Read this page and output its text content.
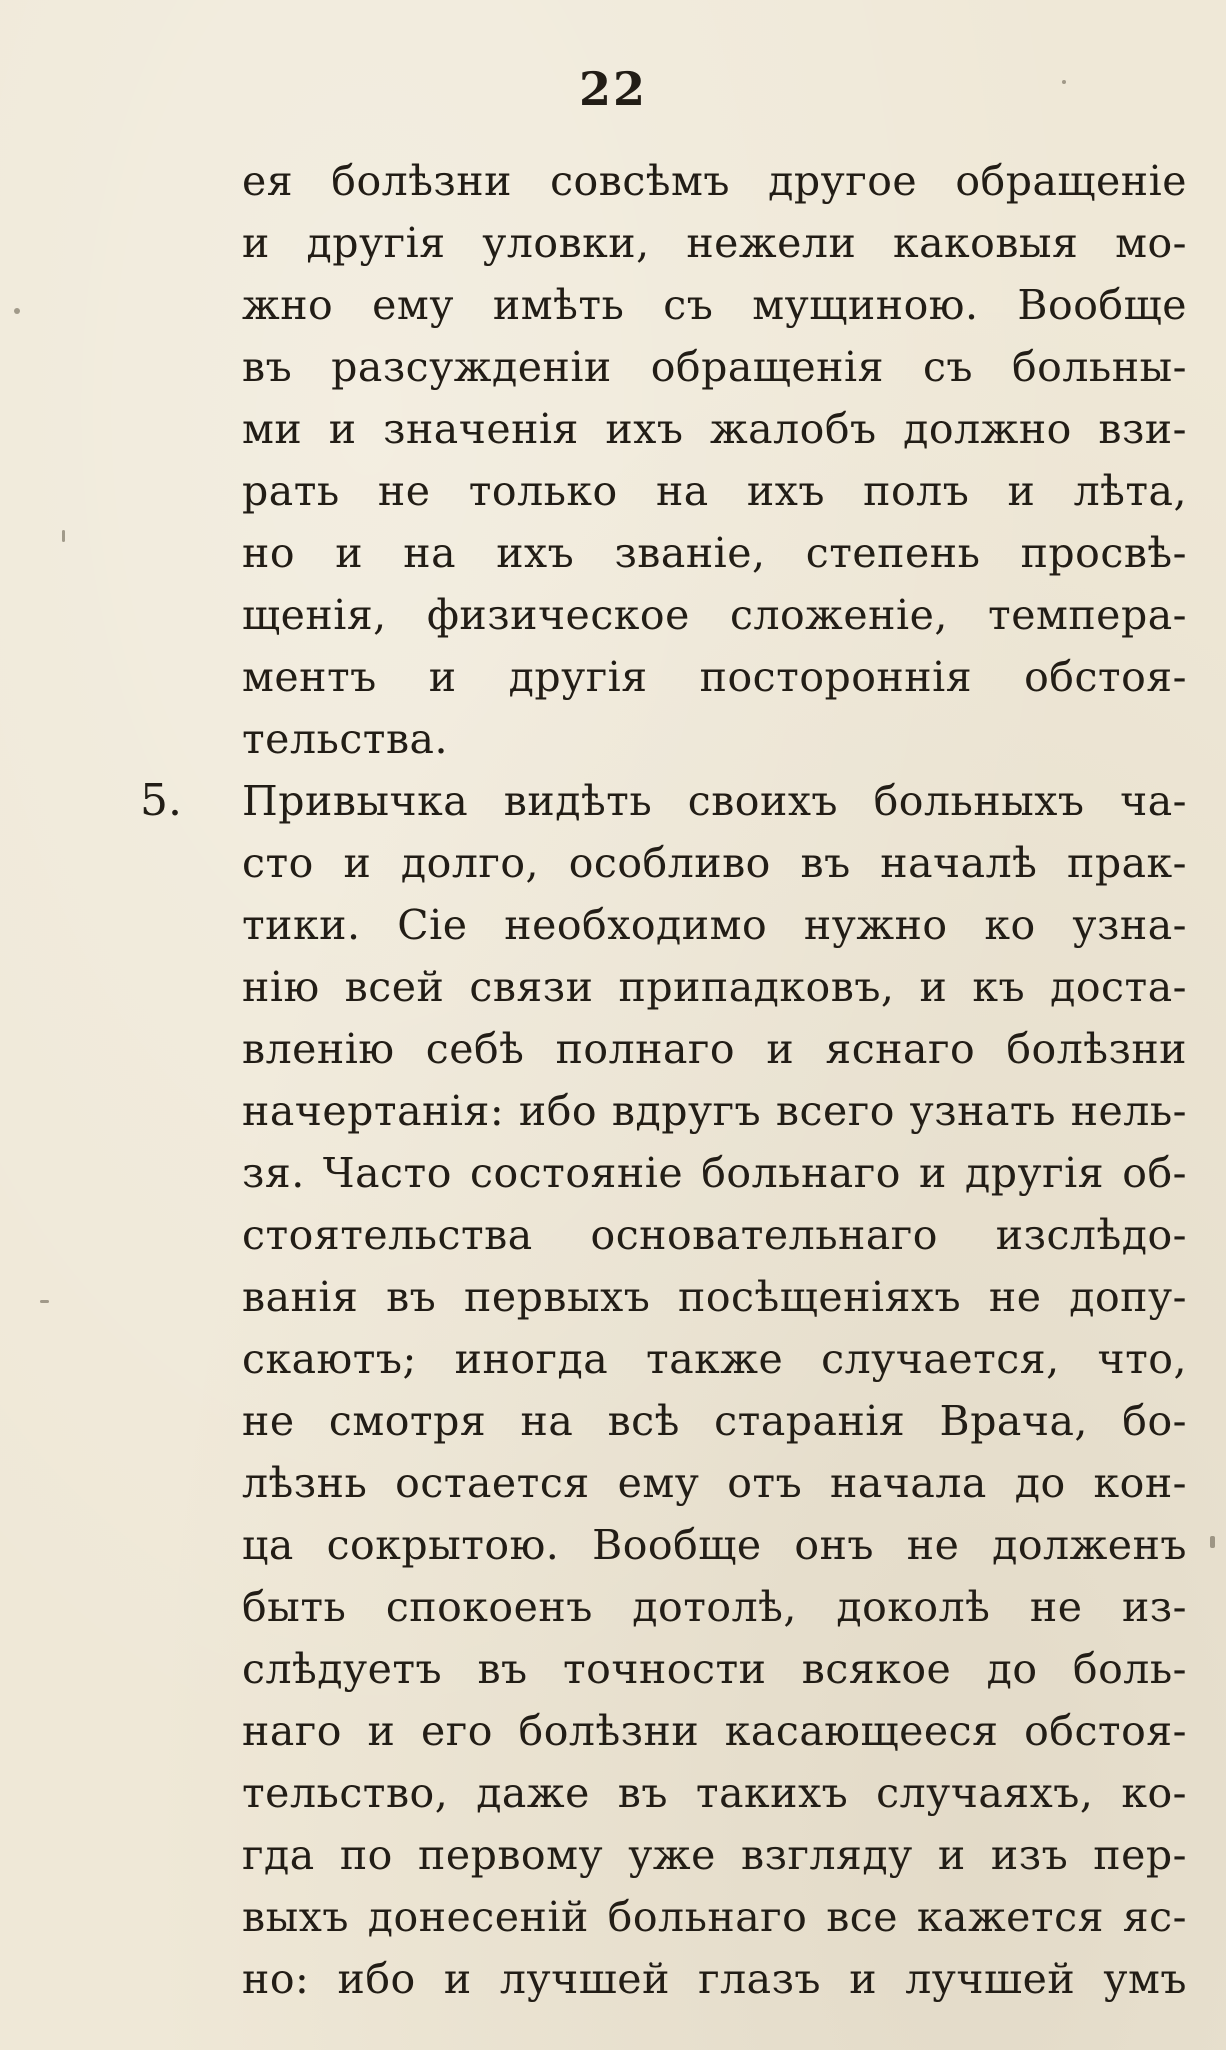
22
ея болѣзни совсѣмъ другое обращеніе
и другія уловки, нежели каковыя мо-
жно ему имѣть съ мущиною. Вообще
въ разсужденіи обращенія съ больны-
ми и значенія ихъ жалобъ должно взи-
рать не только на ихъ полъ и лѣта,
но и на ихъ званіе, степень просвѣ-
щенія, физическое сложеніе, темпера-
ментъ и другія постороннія обстоя-
тельства.
5. Привычка видѣть своихъ больныхъ ча-
сто и долго, особливо въ началѣ прак-
тики. Сіе необходимо нужно ко узна-
нію всей связи припадковъ, и къ доста-
вленію себѣ полнаго и яснаго болѣзни
начертанія: ибо вдругъ всего узнать нель-
зя. Часто состояніе больнаго и другія об-
стоятельства основательнаго изслѣдо-
ванія въ первыхъ посѣщеніяхъ не допу-
скаютъ; иногда также случается, что,
не смотря на всѣ старанія Врача, бо-
лѣзнь остается ему отъ начала до кон-
ца сокрытою. Вообще онъ не долженъ
быть спокоенъ дотолѣ, доколѣ не из-
слѣдуетъ въ точности всякое до боль-
наго и его болѣзни касающееся обстоя-
тельство, даже въ такихъ случаяхъ, ко-
гда по первому уже взгляду и изъ пер-
выхъ донесеній больнаго все кажется яс-
но: ибо и лучшей глазъ и лучшей умъ
